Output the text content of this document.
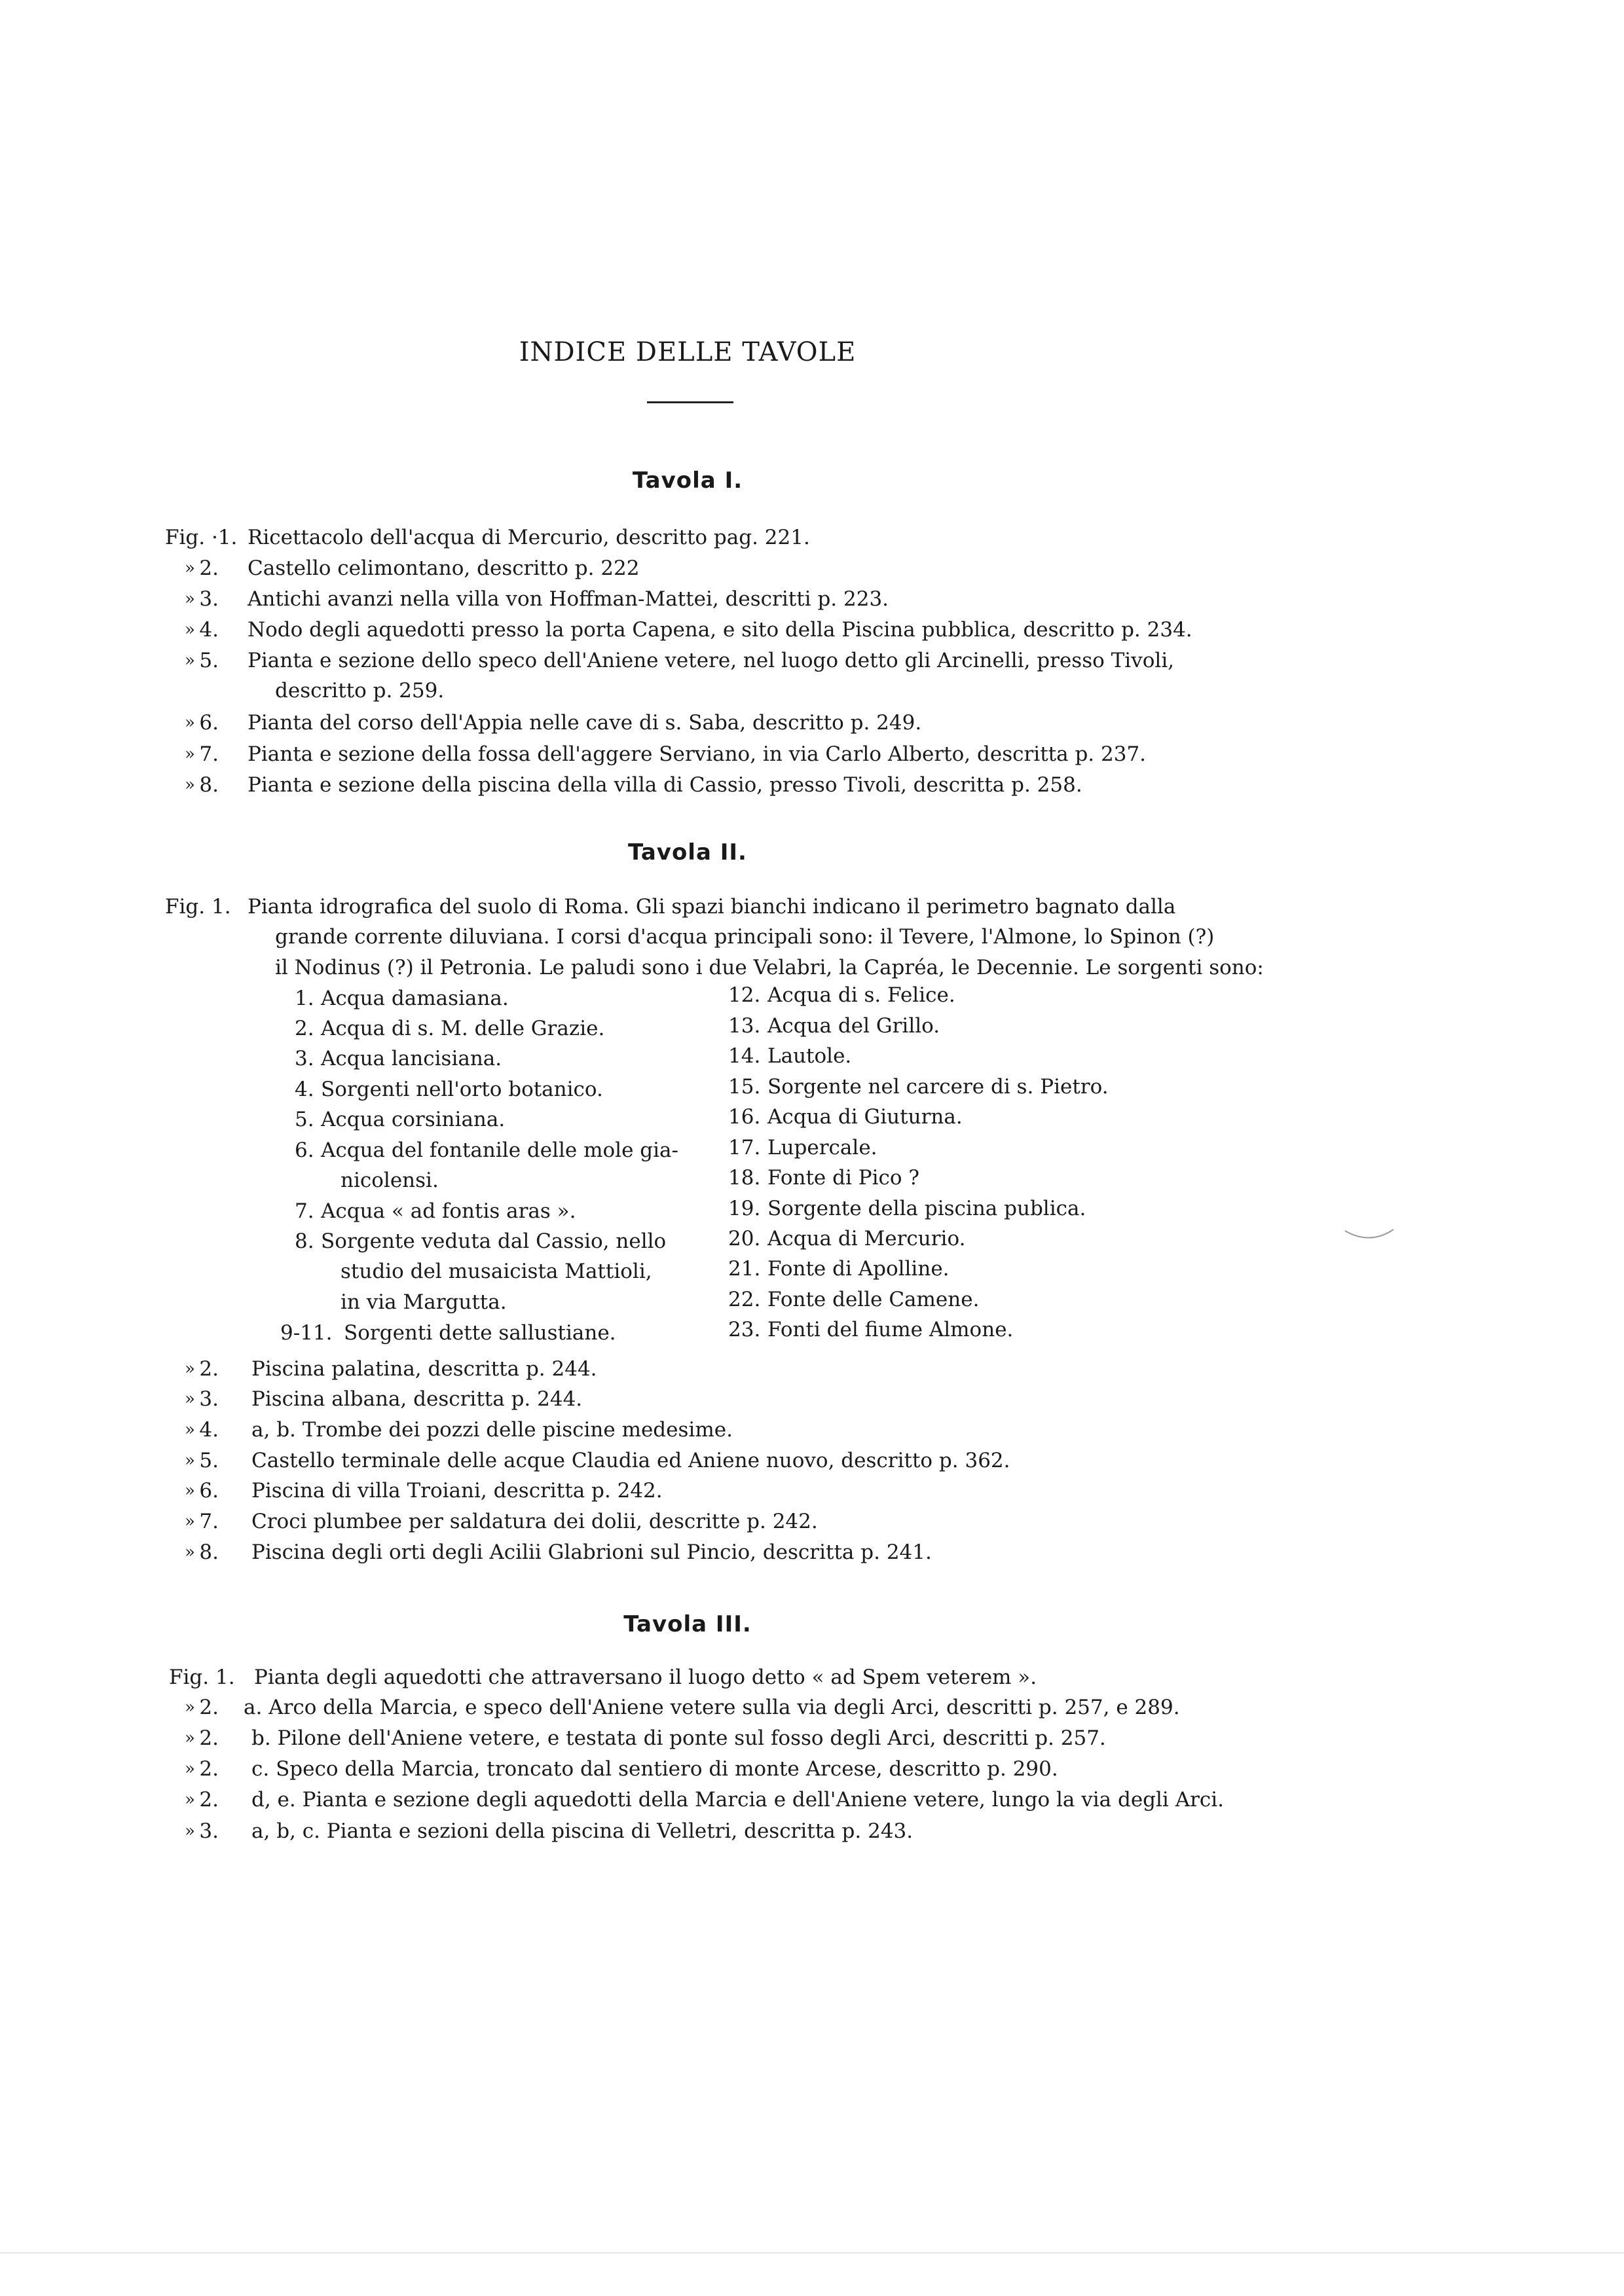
INDICE DELLE TAVOLE
Tavola I.
Fig. ·1. Ricettacolo dell'acqua di Mercurio, descritto pag. 221.
» 2. Castello celimontano, descritto p. 222
» 3. Antichi avanzi nella villa von Hoffman-Mattei, descritti p. 223.
» 4. Nodo degli aquedotti presso la porta Capena, e sito della Piscina pubblica, descritto p. 234.
» 5. Pianta e sezione dello speco dell'Aniene vetere, nel luogo detto gli Arcinelli, presso Tivoli,
descritto p. 259.
» 6. Pianta del corso dell'Appia nelle cave di s. Saba, descritto p. 249.
» 7. Pianta e sezione della fossa dell'aggere Serviano, in via Carlo Alberto, descritta p. 237.
» 8. Pianta e sezione della piscina della villa di Cassio, presso Tivoli, descritta p. 258.
Tavola II.
Fig. 1. Pianta idrografica del suolo di Roma. Gli spazi bianchi indicano il perimetro bagnato dalla
grande corrente diluviana. I corsi d'acqua principali sono: il Tevere, l'Almone, lo Spinon (?)
il Nodinus (?) il Petronia. Le paludi sono i due Velabri, la Capréa, le Decennie. Le sorgenti sono:
1. Acqua damasiana.
2. Acqua di s. M. delle Grazie.
3. Acqua lancisiana.
4. Sorgenti nell'orto botanico.
5. Acqua corsiniana.
6. Acqua del fontanile delle mole gia-
nicolensi.
7. Acqua « ad fontis aras ».
8. Sorgente veduta dal Cassio, nello
studio del musaicista Mattioli,
in via Margutta.
9-11. Sorgenti dette sallustiane.
12. Acqua di s. Felice.
13. Acqua del Grillo.
14. Lautole.
15. Sorgente nel carcere di s. Pietro.
16. Acqua di Giuturna.
17. Lupercale.
18. Fonte di Pico ?
19. Sorgente della piscina publica.
20. Acqua di Mercurio.
21. Fonte di Apolline.
22. Fonte delle Camene.
23. Fonti del fiume Almone.
» 2. Piscina palatina, descritta p. 244.
» 3. Piscina albana, descritta p. 244.
» 4. a, b. Trombe dei pozzi delle piscine medesime.
» 5. Castello terminale delle acque Claudia ed Aniene nuovo, descritto p. 362.
» 6. Piscina di villa Troiani, descritta p. 242.
» 7. Croci plumbee per saldatura dei dolii, descritte p. 242.
» 8. Piscina degli orti degli Acilii Glabrioni sul Pincio, descritta p. 241.
Tavola III.
Fig. 1. Pianta degli aquedotti che attraversano il luogo detto « ad Spem veterem ».
» 2. a. Arco della Marcia, e speco dell'Aniene vetere sulla via degli Arci, descritti p. 257, e 289.
» 2. b. Pilone dell'Aniene vetere, e testata di ponte sul fosso degli Arci, descritti p. 257.
» 2. c. Speco della Marcia, troncato dal sentiero di monte Arcese, descritto p. 290.
» 2. d, e. Pianta e sezione degli aquedotti della Marcia e dell'Aniene vetere, lungo la via degli Arci.
» 3. a, b, c. Pianta e sezioni della piscina di Velletri, descritta p. 243.
